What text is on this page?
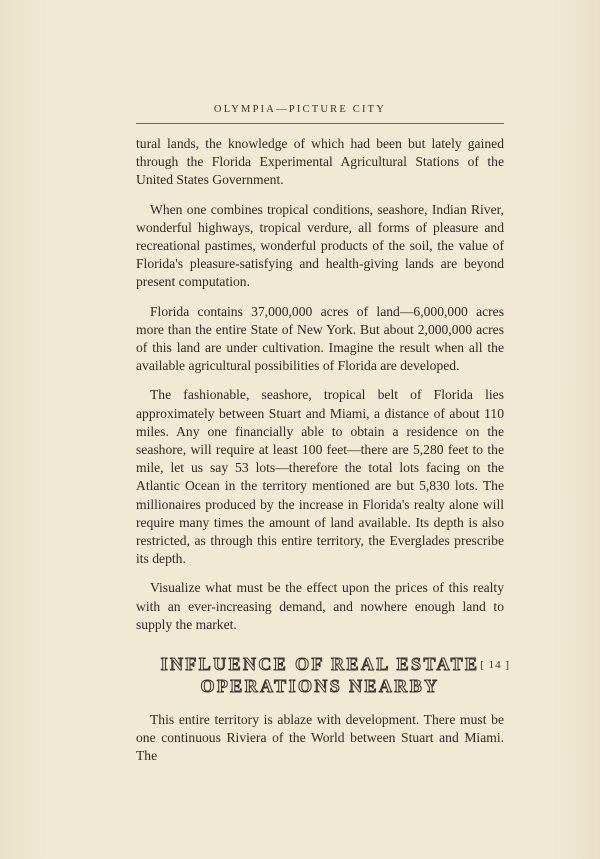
OLYMPIA—PICTURE CITY

tural lands, the knowledge of which had been but lately gained through the Florida Experimental Agricultural Stations of the United States Government.

When one combines tropical conditions, seashore, Indian River, wonderful highways, tropical verdure, all forms of pleasure and recreational pastimes, wonderful products of the soil, the value of Florida's pleasure-satisfying and health-giving lands are beyond present computation.

Florida contains 37,000,000 acres of land—6,000,000 acres more than the entire State of New York. But about 2,000,000 acres of this land are under cultivation. Imagine the result when all the available agricultural possibilities of Florida are developed.

The fashionable, seashore, tropical belt of Florida lies approximately between Stuart and Miami, a distance of about 110 miles. Any one financially able to obtain a residence on the seashore, will require at least 100 feet—there are 5,280 feet to the mile, let us say 53 lots—therefore the total lots facing on the Atlantic Ocean in the territory mentioned are but 5,830 lots. The millionaires produced by the increase in Florida's realty alone will require many times the amount of land available. Its depth is also restricted, as through this entire territory, the Everglades prescribe its depth.

Visualize what must be the effect upon the prices of this realty with an ever-increasing demand, and nowhere enough land to supply the market.

INFLUENCE OF REAL ESTATE
OPERATIONS NEARBY

This entire territory is ablaze with development. There must be one continuous Riviera of the World between Stuart and Miami. The

[ 14 ]
